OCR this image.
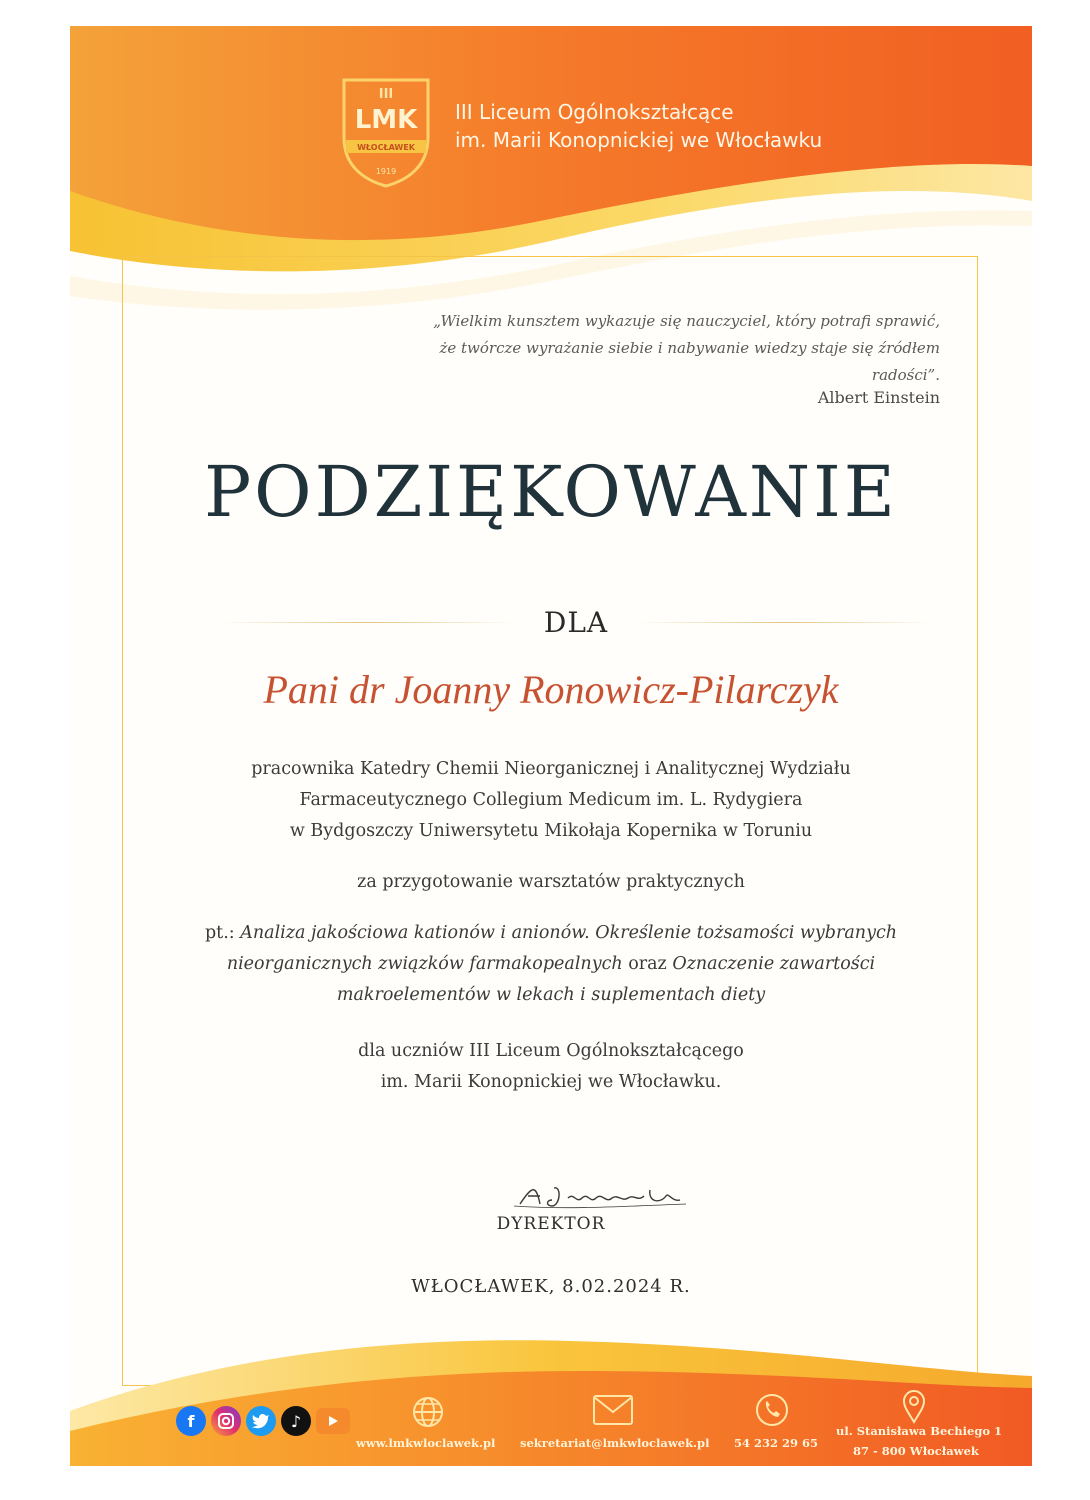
III
LMK
WŁOCŁAWEK
1919
III Liceum Ogólnokształcące
im. Marii Konopnickiej we Włocławku
„Wielkim kunsztem wykazuje się nauczyciel, który potrafi sprawić,
że twórcze wyrażanie siebie i nabywanie wiedzy staje się źródłem
radości”.
Albert Einstein
PODZIĘKOWANIE
DLA
Pani dr Joanny Ronowicz-Pilarczyk
pracownika Katedry Chemii Nieorganicznej i Analitycznej Wydziału
Farmaceutycznego Collegium Medicum im. L. Rydygiera
w Bydgoszczy Uniwersytetu Mikołaja Kopernika w Toruniu
za przygotowanie warsztatów praktycznych
pt.: Analiza jakościowa kationów i anionów. Określenie tożsamości wybranych
nieorganicznych związków farmakopealnych oraz Oznaczenie zawartości
makroelementów w lekach i suplementach diety
dla uczniów III Liceum Ogólnokształcącego
im. Marii Konopnickiej we Włocławku.
DYREKTOR
WŁOCŁAWEK, 8.02.2024 R.
f	♪
www.lmkwloclawek.pl sekretariat@lmkwloclawek.pl 54 232 29 65
ul. Stanisława Bechiego 1
87 - 800 Włocławek
